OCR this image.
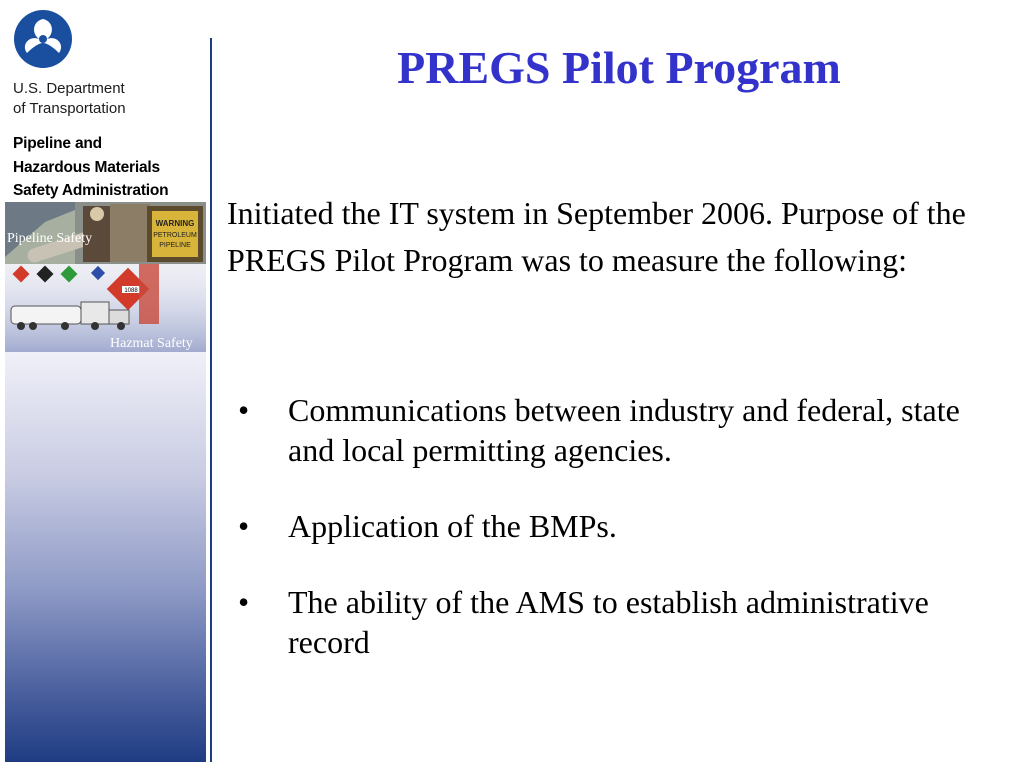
U.S. Department
of Transportation
Pipeline and
Hazardous Materials
Safety Administration
WARNING
PETROLEUM
PIPELINE
1088
Pipeline Safety
Hazmat Safety
PREGS Pilot Program
Initiated the IT system in September 2006. Purpose of the PREGS Pilot Program was to measure the following:
• Communications between industry and federal, state and local permitting agencies.
• Application of the BMPs.
• The ability of the AMS to establish administrative record
